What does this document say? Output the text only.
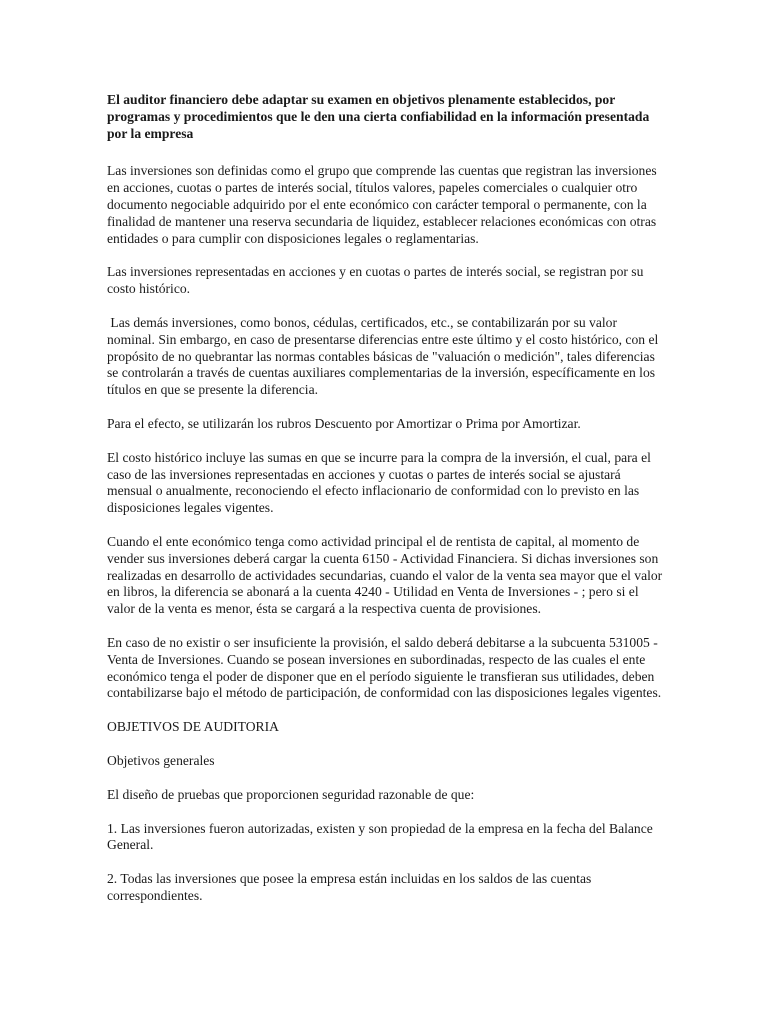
El auditor financiero debe adaptar su examen en objetivos plenamente establecidos, por programas y procedimientos que le den una cierta confiabilidad en la información presentada por la empresa

Las inversiones son definidas como el grupo que comprende las cuentas que registran las inversiones en acciones, cuotas o partes de interés social, títulos valores, papeles comerciales o cualquier otro documento negociable adquirido por el ente económico con carácter temporal o permanente, con la finalidad de mantener una reserva secundaria de liquidez, establecer relaciones económicas con otras entidades o para cumplir con disposiciones legales o reglamentarias.

Las inversiones representadas en acciones y en cuotas o partes de interés social, se registran por su costo histórico.

Las demás inversiones, como bonos, cédulas, certificados, etc., se contabilizarán por su valor nominal. Sin embargo, en caso de presentarse diferencias entre este último y el costo histórico, con el propósito de no quebrantar las normas contables básicas de "valuación o medición", tales diferencias se controlarán a través de cuentas auxiliares complementarias de la inversión, específicamente en los títulos en que se presente la diferencia.

Para el efecto, se utilizarán los rubros Descuento por Amortizar o Prima por Amortizar.

El costo histórico incluye las sumas en que se incurre para la compra de la inversión, el cual, para el caso de las inversiones representadas en acciones y cuotas o partes de interés social se ajustará mensual o anualmente, reconociendo el efecto inflacionario de conformidad con lo previsto en las disposiciones legales vigentes.

Cuando el ente económico tenga como actividad principal el de rentista de capital, al momento de vender sus inversiones deberá cargar la cuenta 6150 - Actividad Financiera. Si dichas inversiones son realizadas en desarrollo de actividades secundarias, cuando el valor de la venta sea mayor que el valor en libros, la diferencia se abonará a la cuenta 4240 - Utilidad en Venta de Inversiones - ; pero si el valor de la venta es menor, ésta se cargará a la respectiva cuenta de provisiones.

En caso de no existir o ser insuficiente la provisión, el saldo deberá debitarse a la subcuenta 531005 - Venta de Inversiones. Cuando se posean inversiones en subordinadas, respecto de las cuales el ente económico tenga el poder de disponer que en el período siguiente le transfieran sus utilidades, deben contabilizarse bajo el método de participación, de conformidad con las disposiciones legales vigentes.

OBJETIVOS DE AUDITORIA

Objetivos generales

El diseño de pruebas que proporcionen seguridad razonable de que:

1. Las inversiones fueron autorizadas, existen y son propiedad de la empresa en la fecha del Balance General.

2. Todas las inversiones que posee la empresa están incluidas en los saldos de las cuentas correspondientes.
